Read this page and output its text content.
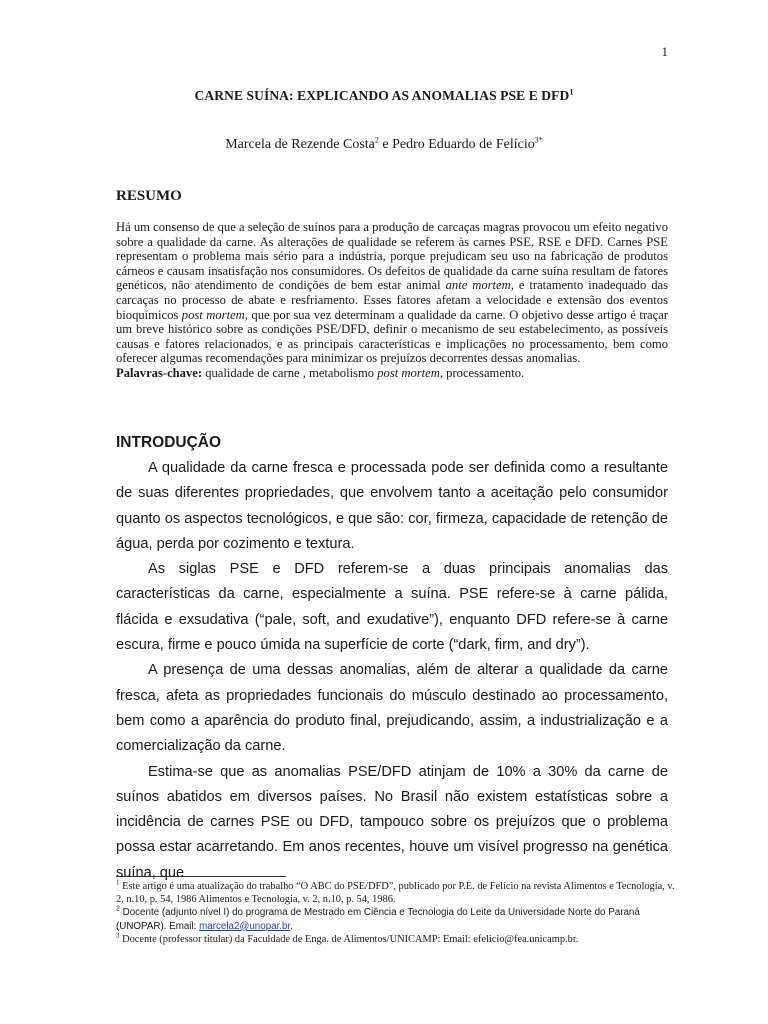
1
CARNE SUÍNA: EXPLICANDO AS ANOMALIAS PSE E DFD$^1$
Marcela de Rezende Costa$^2$ e Pedro Eduardo de Felício$^{3*}$
RESUMO

Há um consenso de que a seleção de suínos para a produção de carcaças magras provocou um efeito negativo sobre a qualidade da carne. As alterações de qualidade se referem às carnes PSE, RSE e DFD. Carnes PSE representam o problema mais sério para a indústria, porque prejudicam seu uso na fabricação de produtos cárneos e causam insatisfação nos consumidores. Os defeitos de qualidade da carne suína resultam de fatores genéticos, não atendimento de condições de bem estar animal ante mortem, e tratamento inadequado das carcaças no processo de abate e resfriamento. Esses fatores afetam a velocidade e extensão dos eventos bioquímicos post mortem, que por sua vez determinam a qualidade da carne. O objetivo desse artigo é traçar um breve histórico sobre as condições PSE/DFD, definir o mecanismo de seu estabelecimento, as possíveis causas e fatores relacionados, e as principais características e implicações no processamento, bem como oferecer algumas recomendações para minimizar os prejuízos decorrentes dessas anomalias.

Palavras-chave: qualidade de carne , metabolismo post mortem, processamento.

INTRODUÇÃO

A qualidade da carne fresca e processada pode ser definida como a resultante de suas diferentes propriedades, que envolvem tanto a aceitação pelo consumidor quanto os aspectos tecnológicos, e que são: cor, firmeza, capacidade de retenção de água, perda por cozimento e textura.

As siglas PSE e DFD referem-se a duas principais anomalias das características da carne, especialmente a suína. PSE refere-se à carne pálida, flácida e exsudativa (“pale, soft, and exudative”), enquanto DFD refere-se à carne escura, firme e pouco úmida na superfície de corte (“dark, firm, and dry”).

A presença de uma dessas anomalias, além de alterar a qualidade da carne fresca, afeta as propriedades funcionais do músculo destinado ao processamento, bem como a aparência do produto final, prejudicando, assim, a industrialização e a comercialização da carne.

Estima-se que as anomalias PSE/DFD atinjam de 10% a 30% da carne de suínos abatidos em diversos países. No Brasil não existem estatísticas sobre a incidência de carnes PSE ou DFD, tampouco sobre os prejuízos que o problema possa estar acarretando. Em anos recentes, houve um visível progresso na genética suína, que

$^1$ Este artigo é uma atualização do trabalho “O ABC do PSE/DFD”, publicado por P.E. de Felício na revista Alimentos e Tecnologia, v. 2, n.10, p. 54, 1986 Alimentos e Tecnologia, v. 2, n.10, p. 54, 1986.

$^2$ Docente (adjunto nível I) do programa de Mestrado em Ciência e Tecnologia do Leite da Universidade Norte do Paraná (UNOPAR). Email: marcela2@unopar.br.

$^3$ Docente (professor titular) da Faculdade de Enga. de Alimentos/UNICAMP: Email: efelicio@fea.unicamp.br.
